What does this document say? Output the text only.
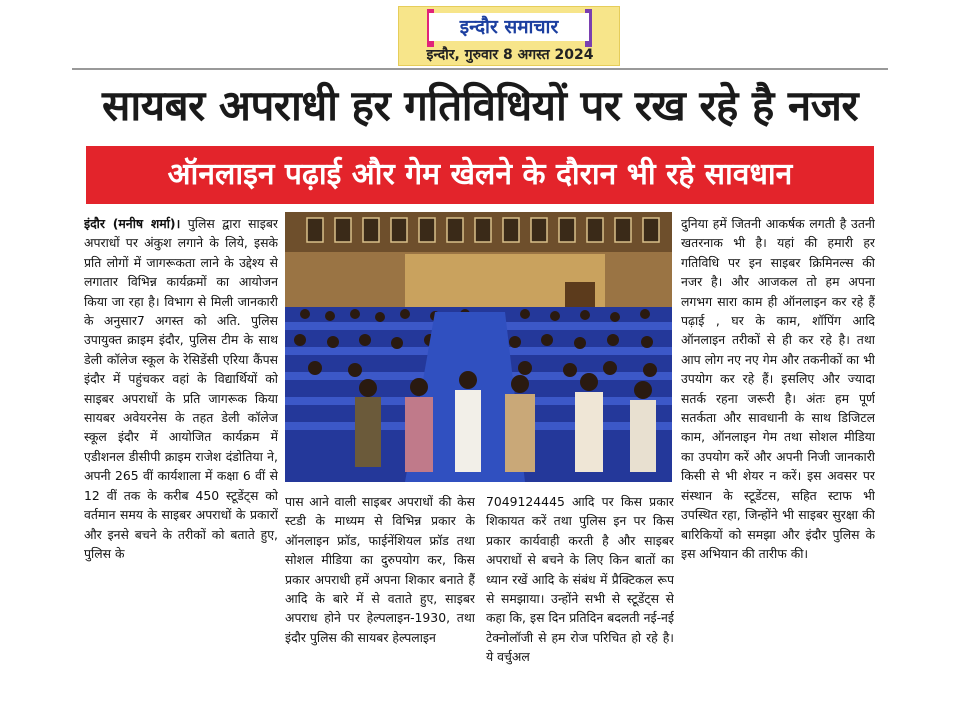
इन्दौर समाचार
इन्दौर, गुरुवार 8 अगस्त 2024
सायबर अपराधी हर गतिविधियों पर रख रहे है नजर
ऑनलाइन पढ़ाई और गेम खेलने के दौरान भी रहे सावधान

इंदौर (मनीष शर्मा)। पुलिस द्वारा साइबर अपराधों पर अंकुश लगाने के लिये, इसके प्रति लोगों में जागरूकता लाने के उद्देश्य से लगातार विभिन्न कार्यक्रमों का आयोजन किया जा रहा है। विभाग से मिली जानकारी के अनुसार7 अगस्त को अति. पुलिस उपायुक्त क्राइम इंदौर, पुलिस टीम के साथ डेली कॉलेज स्कूल के रेसिडेंसी एरिया कैंपस इंदौर में पहुंचकर वहां के विद्यार्थियों को साइबर अपराधों के प्रति जागरूक किया सायबर अवेयरनेस के तहत डेली कॉलेज स्कूल इंदौर में आयोजित कार्यक्रम में एडीशनल डीसीपी क्राइम राजेश दंडोतिया ने, अपनी 265 वीं कार्यशाला में कक्षा 6 वीं से 12 वीं तक के करीब 450 स्टूडेंट्स को वर्तमान समय के साइबर अपराधों के प्रकारों और इनसे बचने के तरीकों को बताते हुए, पुलिस के

पास आने वाली साइबर अपराधों की केस स्टडी के माध्यम से विभिन्न प्रकार के ऑनलाइन फ्रॉड, फाईनेंशियल फ्रॉड तथा सोशल मीडिया का दुरुपयोग कर, किस प्रकार अपराधी हमें अपना शिकार बनाते हैं आदि के बारे में से वताते हुए, साइबर अपराध होने पर हेल्पलाइन-1930, तथा इंदौर पुलिस की सायबर हेल्पलाइन

7049124445 आदि पर किस प्रकार शिकायत करें तथा पुलिस इन पर किस प्रकार कार्यवाही करती है और साइबर अपराधों से बचने के लिए किन बातों का ध्यान रखें आदि के संबंध में प्रैक्टिकल रूप से समझाया। उन्होंने सभी से स्टूडेंट्स से कहा कि, इस दिन प्रतिदिन बदलती नई-नई टेक्नोलॉजी से हम रोज परिचित हो रहे है। ये वर्चुअल

दुनिया हमें जितनी आकर्षक लगती है उतनी खतरनाक भी है। यहां की हमारी हर गतिविधि पर इन साइबर क्रिमिनल्स की नजर है। और आजकल तो हम अपना लगभग सारा काम ही ऑनलाइन कर रहे हैं पढ़ाई , घर के काम, शॉपिंग आदि ऑनलाइन तरीकों से ही कर रहे है। तथा आप लोग नए नए गेम और तकनीकों का भी उपयोग कर रहे हैं। इसलिए और ज्यादा सतर्क रहना जरूरी है। अंतः हम पूर्ण सतर्कता और सावधानी के साथ डिजिटल काम, ऑनलाइन गेम तथा सोशल मीडिया का उपयोग करें और अपनी निजी जानकारी किसी से भी शेयर न करें। इस अवसर पर संस्थान के स्टूडेंटस, सहित स्टाफ भी उपस्थित रहा, जिन्होंने भी साइबर सुरक्षा की बारिकियों को समझा और इंदौर पुलिस के इस अभियान की तारीफ की।
